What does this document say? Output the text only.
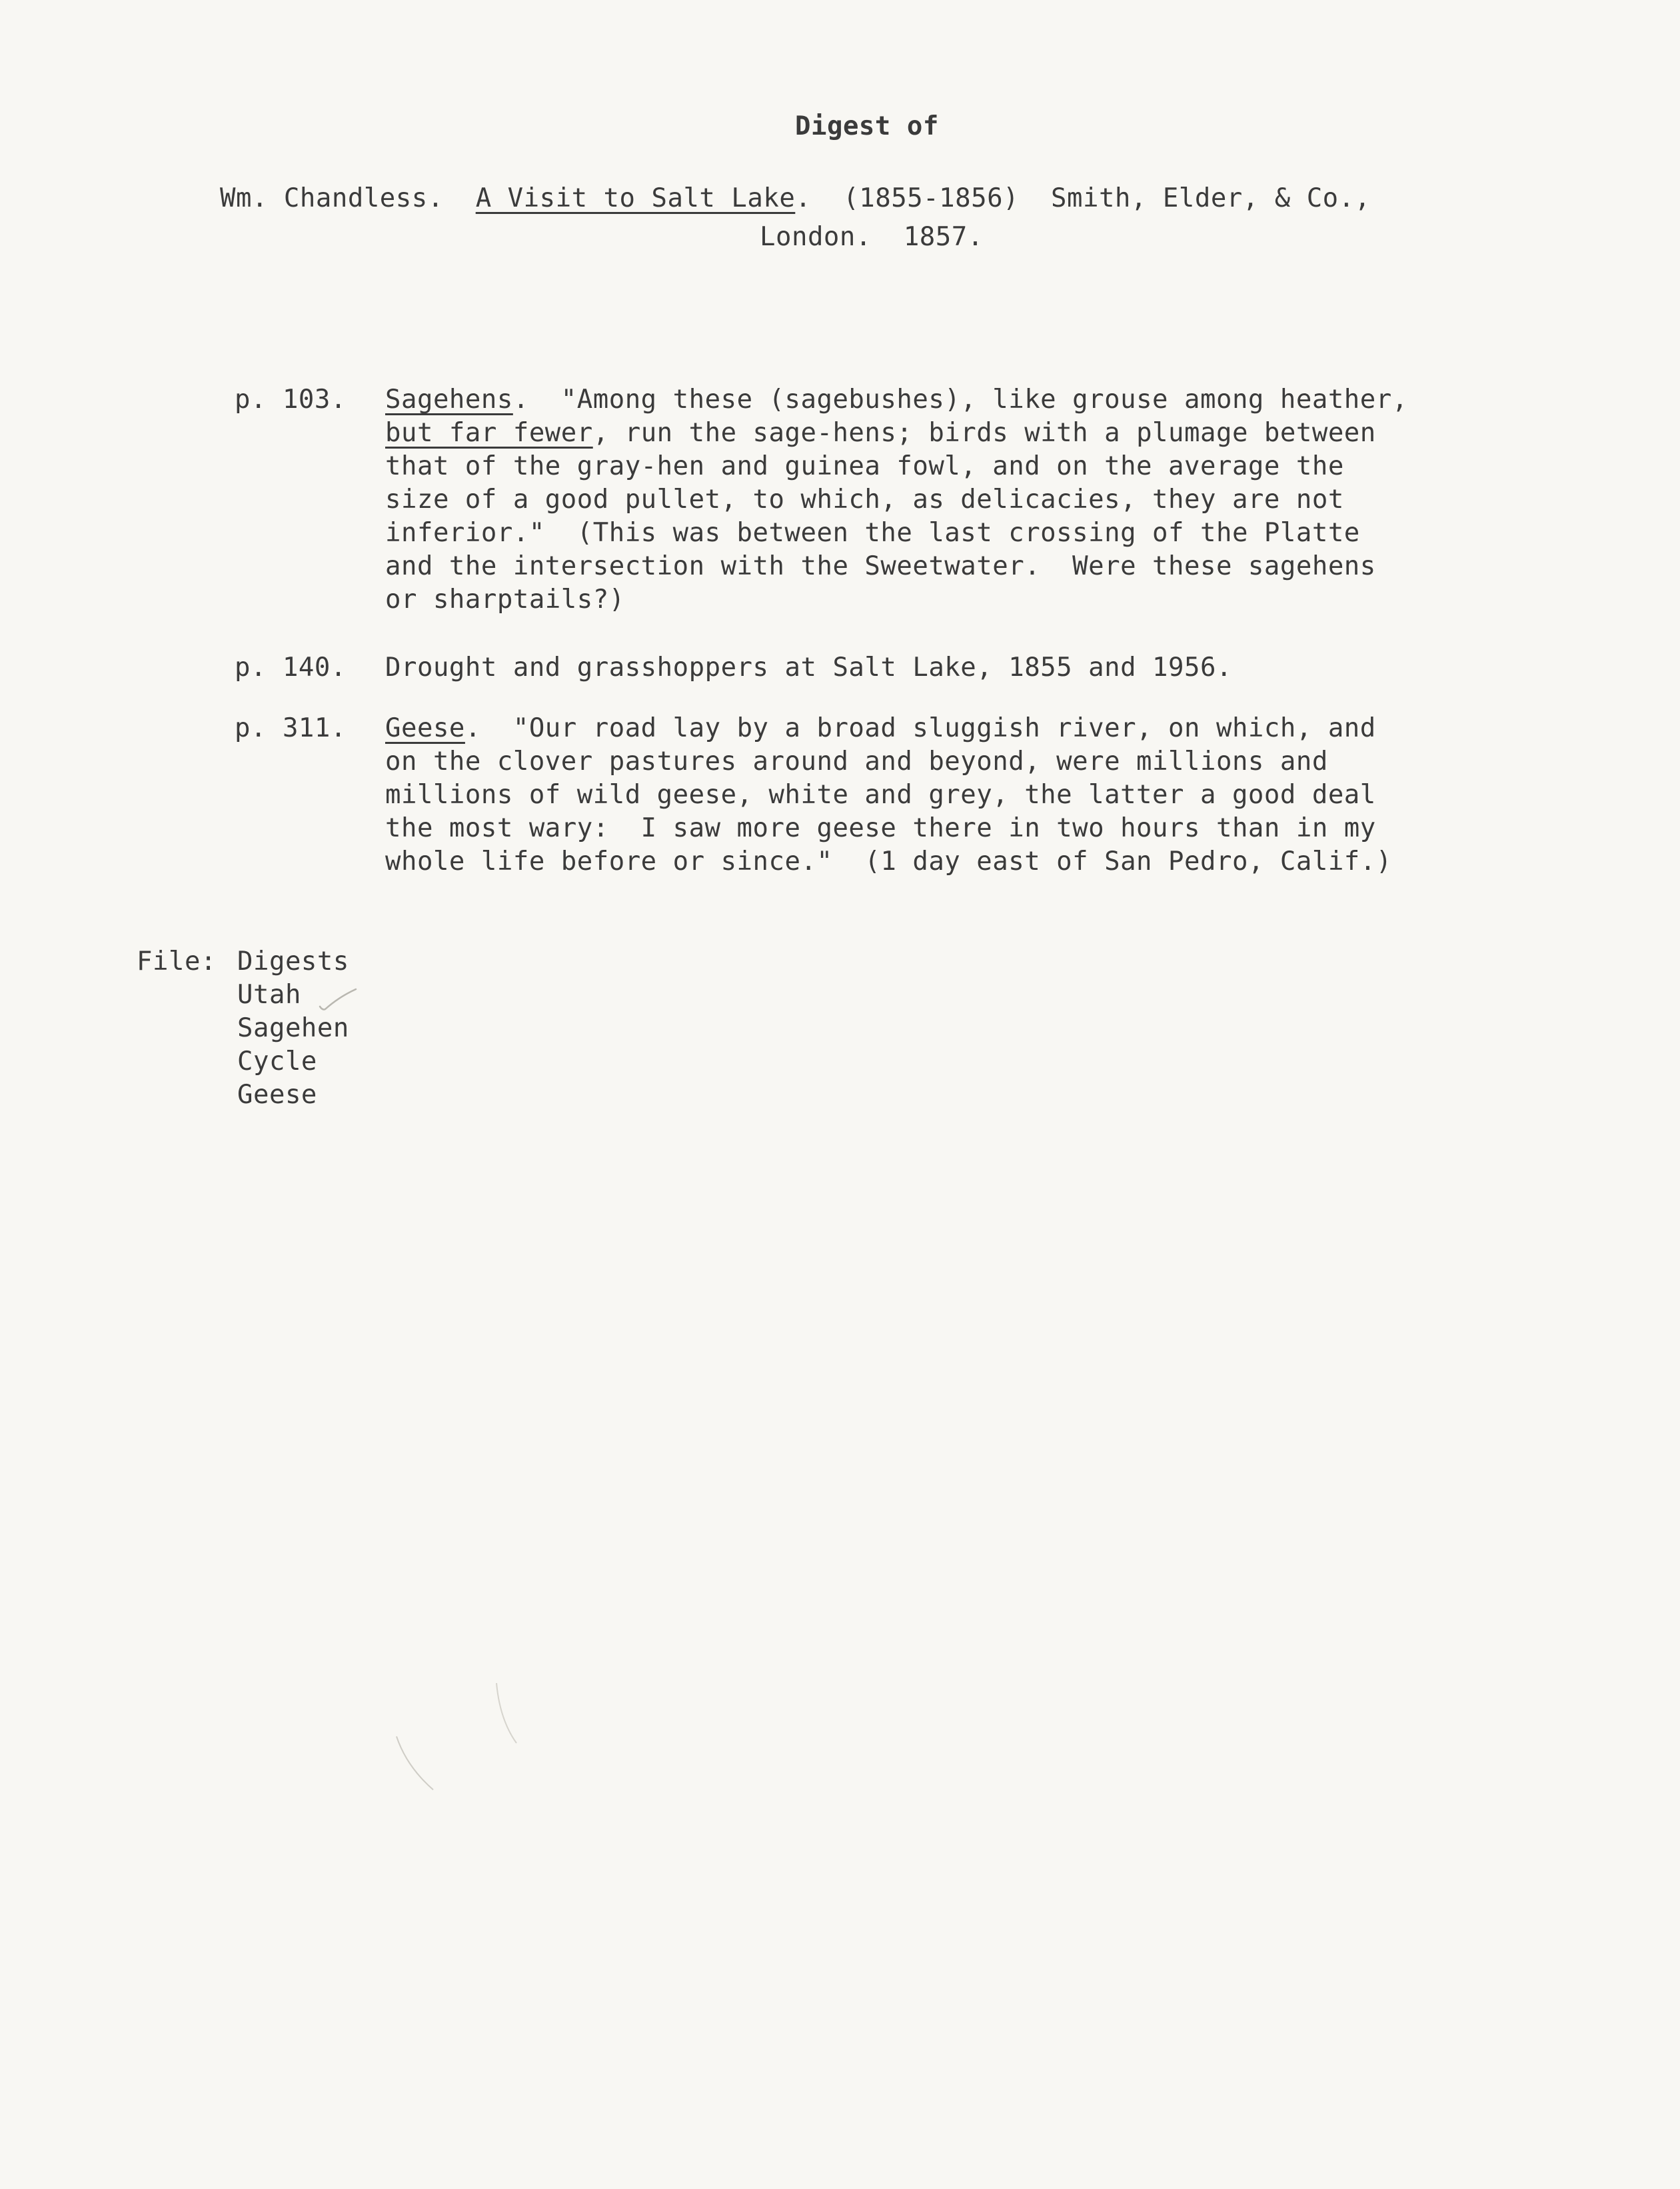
Digest of
Wm. Chandless. A Visit to Salt Lake. (1855-1856) Smith, Elder, & Co.,
London.  1857.
p. 103. Sagehens.  "Among these (sagebushes), like grouse among heather,
but far fewer, run the sage-hens; birds with a plumage between
that of the gray-hen and guinea fowl, and on the average the
size of a good pullet, to which, as delicacies, they are not
inferior."  (This was between the last crossing of the Platte
and the intersection with the Sweetwater.  Were these sagehens
or sharptails?)
p. 140. Drought and grasshoppers at Salt Lake, 1855 and 1956.
p. 311. Geese.  "Our road lay by a broad sluggish river, on which, and
on the clover pastures around and beyond, were millions and
millions of wild geese, white and grey, the latter a good deal
the most wary:  I saw more geese there in two hours than in my
whole life before or since."  (1 day east of San Pedro, Calif.)
File: Digests
Utah
Sagehen
Cycle
Geese
